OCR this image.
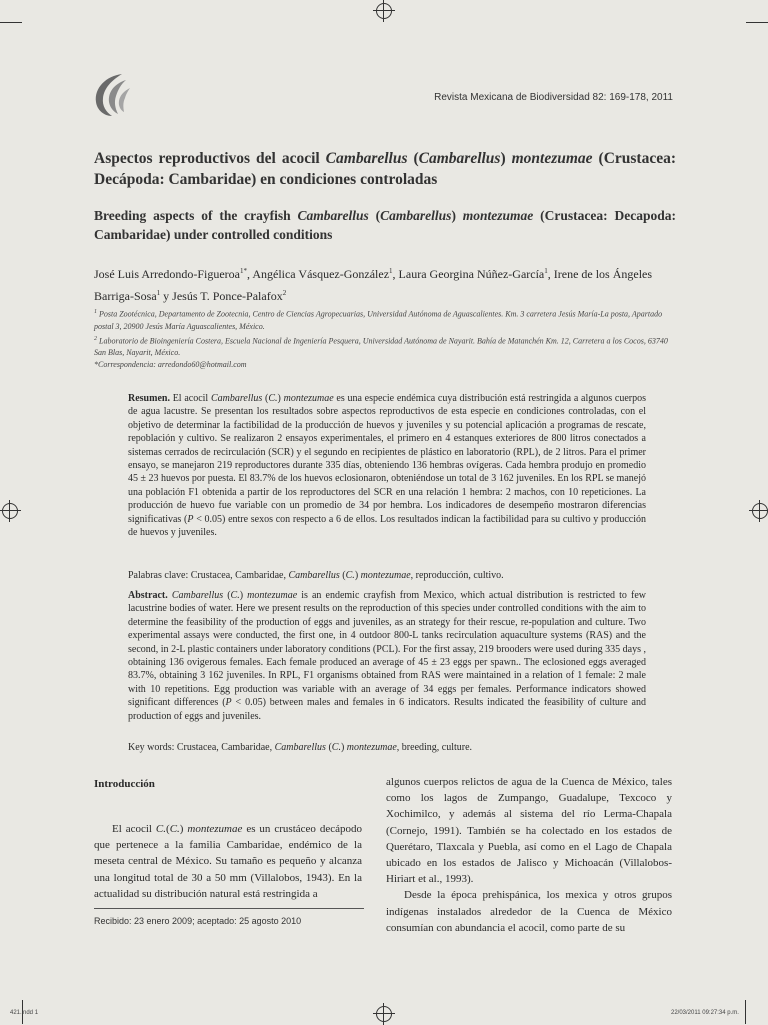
Revista Mexicana de Biodiversidad 82: 169-178, 2011
Aspectos reproductivos del acocil Cambarellus (Cambarellus) montezumae (Crustacea: Decápoda: Cambaridae) en condiciones controladas
Breeding aspects of the crayfish Cambarellus (Cambarellus) montezumae (Crustacea: Decapoda: Cambaridae) under controlled conditions
José Luis Arredondo-Figueroa$^{1*}$, Angélica Vásquez-González$^1$, Laura Georgina Núñez-García$^1$, Irene de los Ángeles Barriga-Sosa$^1$ y Jesús T. Ponce-Palafox$^2$

$^1$ Posta Zootécnica, Departamento de Zootecnia, Centro de Ciencias Agropecuarias, Universidad Autónoma de Aguascalientes. Km. 3 carretera Jesús María-La posta, Apartado postal 3, 20900 Jesús María Aguascalientes, México.

$^2$ Laboratorio de Bioingeniería Costera, Escuela Nacional de Ingeniería Pesquera, Universidad Autónoma de Nayarit. Bahía de Matanchén Km. 12, Carretera a los Cocos, 63740 San Blas, Nayarit, México.

*Correspondencia: arredondo60@hotmail.com

Resumen. El acocil Cambarellus (C.) montezumae es una especie endémica cuya distribución está restringida a algunos cuerpos de agua lacustre. Se presentan los resultados sobre aspectos reproductivos de esta especie en condiciones controladas, con el objetivo de determinar la factibilidad de la producción de huevos y juveniles y su potencial aplicación a programas de rescate, repoblación y cultivo. Se realizaron 2 ensayos experimentales, el primero en 4 estanques exteriores de 800 litros conectados a sistemas cerrados de recirculación (SCR) y el segundo en recipientes de plástico en laboratorio (RPL), de 2 litros. Para el primer ensayo, se manejaron 219 reproductores durante 335 días, obteniendo 136 hembras ovígeras. Cada hembra produjo en promedio 45 ± 23 huevos por puesta. El 83.7% de los huevos eclosionaron, obteniéndose un total de 3 162 juveniles. En los RPL se manejó una población F1 obtenida a partir de los reproductores del SCR en una relación 1 hembra: 2 machos, con 10 repeticiones. La producción de huevo fue variable con un promedio de 34 por hembra. Los indicadores de desempeño mostraron diferencias significativas (P < 0.05) entre sexos con respecto a 6 de ellos. Los resultados indican la factibilidad para su cultivo y producción de huevos y juveniles.
Palabras clave: Crustacea, Cambaridae, Cambarellus (C.) montezumae, reproducción, cultivo.
Abstract. Cambarellus (C.) montezumae is an endemic crayfish from Mexico, which actual distribution is restricted to few lacustrine bodies of water. Here we present results on the reproduction of this species under controlled conditions with the aim to determine the feasibility of the production of eggs and juveniles, as an strategy for their rescue, re-population and culture. Two experimental assays were conducted, the first one, in 4 outdoor 800-L tanks recirculation aquaculture systems (RAS) and the second, in 2-L plastic containers under laboratory conditions (PCL). For the first assay, 219 brooders were used during 335 days , obtaining 136 ovigerous females. Each female produced an average of 45 ± 23 eggs per spawn.. The eclosioned eggs averaged 83.7%, obtaining 3 162 juveniles. In RPL, F1 organisms obtained from RAS were maintained in a relation of 1 female: 2 male with 10 repetitions. Egg production was variable with an average of 34 eggs per females. Performance indicators showed significant differences (P < 0.05) between males and females in 6 indicators. Results indicated the feasibility of culture and production of eggs and juveniles.
Key words: Crustacea, Cambaridae, Cambarellus (C.) montezumae, breeding, culture.
Introducción

El acocil C.(C.) montezumae es un crustáceo decápodo que pertenece a la familia Cambaridae, endémico de la meseta central de México. Su tamaño es pequeño y alcanza una longitud total de 30 a 50 mm (Villalobos, 1943). En la actualidad su distribución natural está restringida a

Recibido: 23 enero 2009; aceptado: 25 agosto 2010

algunos cuerpos relictos de agua de la Cuenca de México, tales como los lagos de Zumpango, Guadalupe, Texcoco y Xochimilco, y además al sistema del río Lerma-Chapala (Cornejo, 1991). También se ha colectado en los estados de Querétaro, Tlaxcala y Puebla, así como en el Lago de Chapala ubicado en los estados de Jalisco y Michoacán (Villalobos-Hiriart et al., 1993).

Desde la época prehispánica, los mexica y otros grupos indígenas instalados alrededor de la Cuenca de México consumían con abundancia el acocil, como parte de su

421.indd 1	22/03/2011 09:27:34 p.m.
